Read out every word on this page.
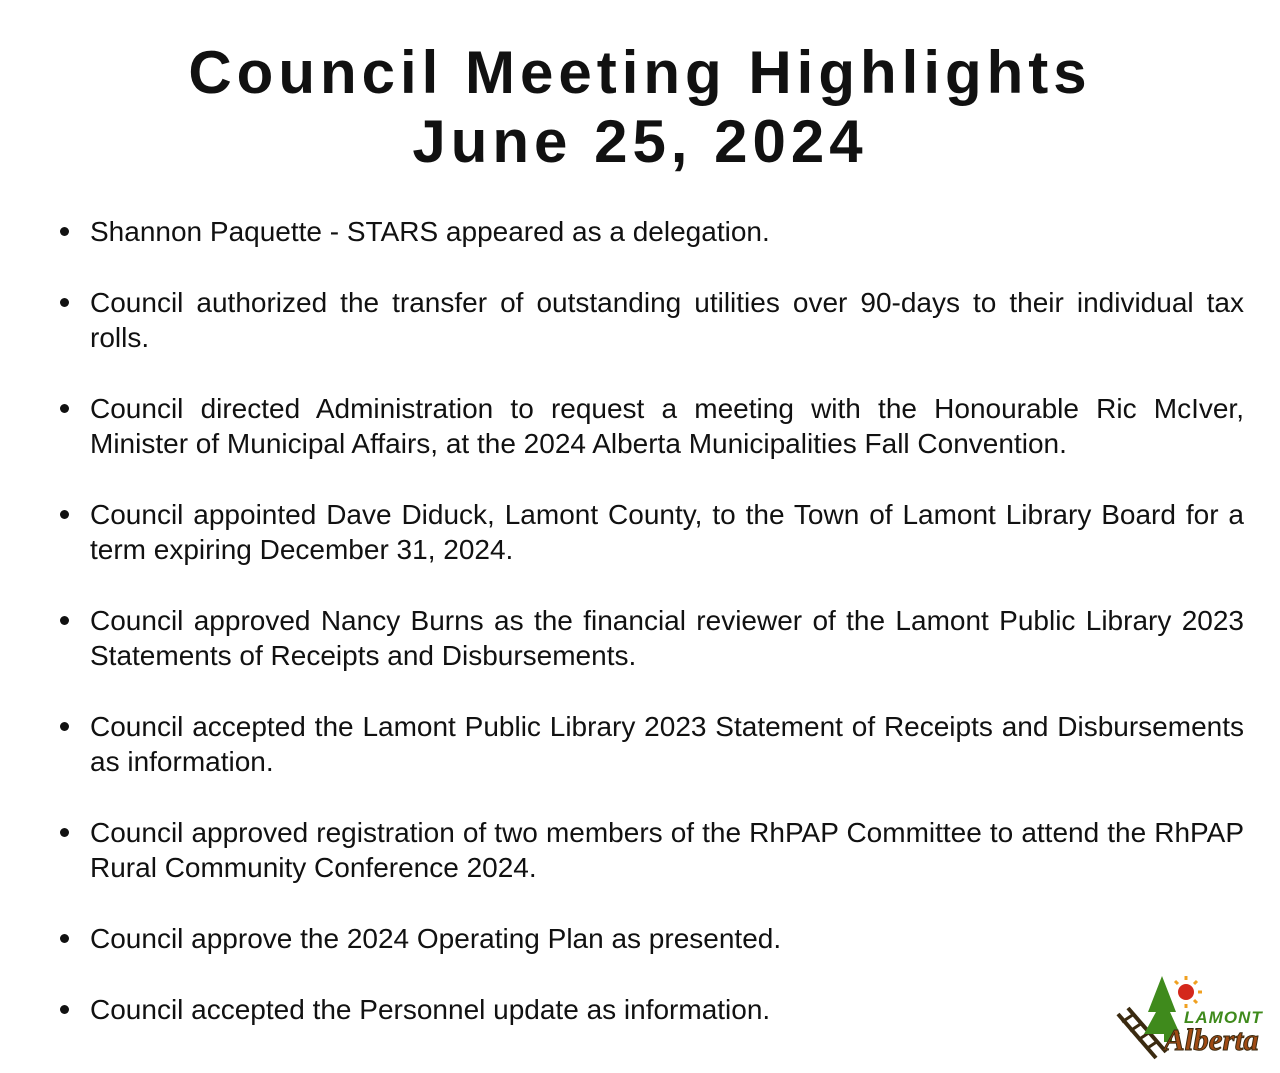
Council Meeting Highlights
June 25, 2024
Shannon Paquette - STARS appeared as a delegation.
Council authorized the transfer of outstanding utilities over 90-days to their individual tax rolls.
Council directed Administration to request a meeting with the Honourable Ric McIver, Minister of Municipal Affairs, at the 2024 Alberta Municipalities Fall Convention.
Council appointed Dave Diduck, Lamont County, to the Town of Lamont Library Board for a term expiring December 31, 2024.
Council approved Nancy Burns as the financial reviewer of the Lamont Public Library 2023 Statements of Receipts and Disbursements.
Council accepted the Lamont Public Library 2023 Statement of Receipts and Disbursements as information.
Council approved registration of two members of the RhPAP Committee to attend the RhPAP Rural Community Conference 2024.
Council approve the 2024 Operating Plan as presented.
Council accepted the Personnel update as information.	LAMONT
Alberta
